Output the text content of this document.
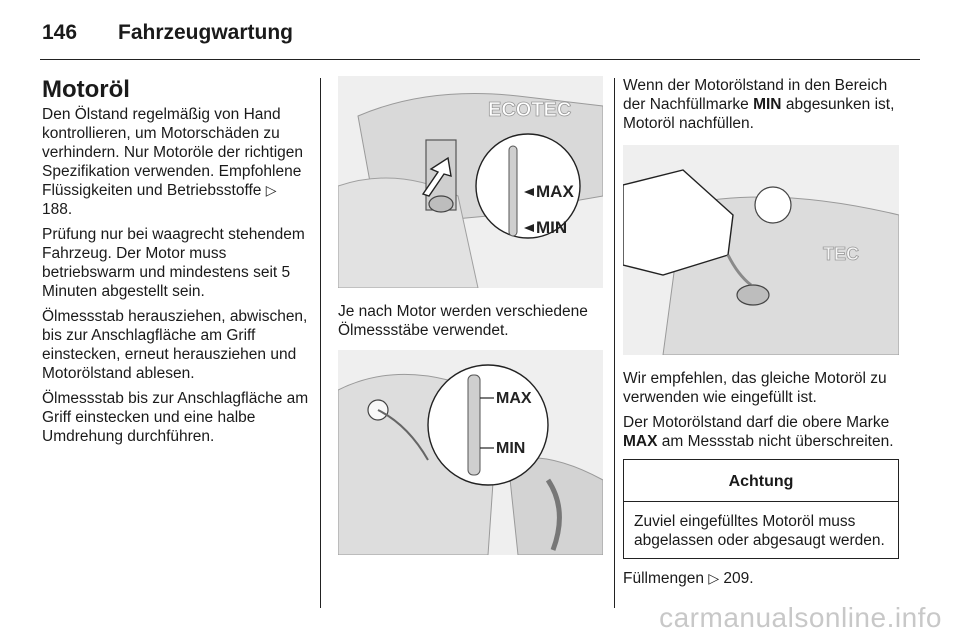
146	Fahrzeugwartung
Motoröl

Den Ölstand regelmäßig von Hand kontrollieren, um Motorschäden zu verhindern. Nur Motoröle der richtigen Spezifikation verwenden. Empfohlene Flüssigkeiten und Betriebsstoffe ▷ 188.

Prüfung nur bei waagrecht stehendem Fahrzeug. Der Motor muss betriebswarm und mindestens seit 5 Minuten abgestellt sein.

Ölmessstab herausziehen, abwischen, bis zur Anschlagfläche am Griff einstecken, erneut herausziehen und Motorölstand ablesen.

Ölmessstab bis zur Anschlagfläche am Griff einstecken und eine halbe Umdrehung durchführen.

ECOTEC
MAX
MIN

Je nach Motor werden verschiedene Ölmessstäbe verwendet.

MAX
MIN

Wenn der Motorölstand in den Bereich der Nachfüllmarke MIN abgesunken ist, Motoröl nachfüllen.

TEC

Wir empfehlen, das gleiche Motoröl zu verwenden wie eingefüllt ist.

Der Motorölstand darf die obere Marke MAX am Messstab nicht überschreiten.

Achtung
Zuviel eingefülltes Motoröl muss abgelassen oder abgesaugt werden.

Füllmengen ▷ 209.

carmanualsonline.info
